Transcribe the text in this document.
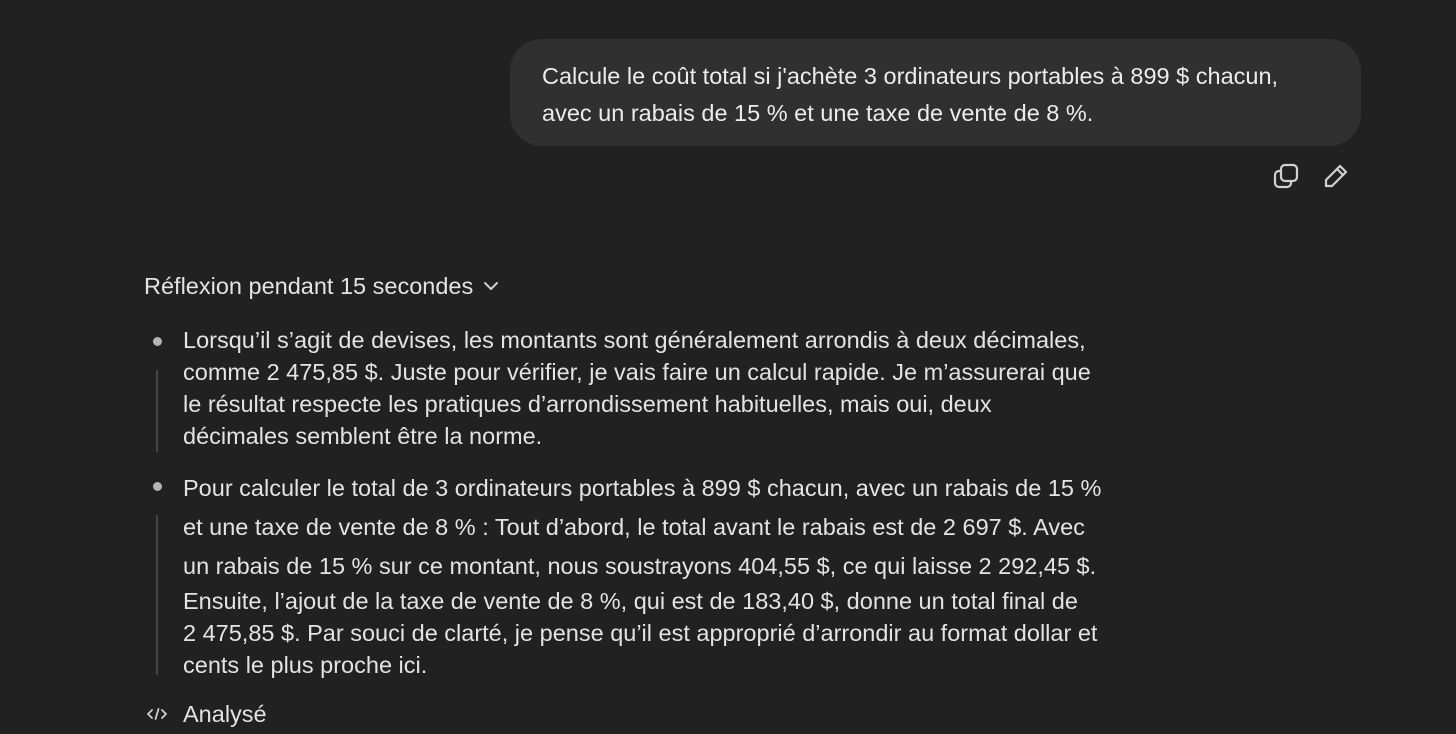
Calcule le coût total si j'achète 3 ordinateurs portables à 899 $ chacun,
avec un rabais de 15 % et une taxe de vente de 8 %.
Réflexion pendant 15 secondes
Lorsqu’il s’agit de devises, les montants sont généralement arrondis à deux décimales,
comme 2 475,85 $. Juste pour vérifier, je vais faire un calcul rapide. Je m’assurerai que
le résultat respecte les pratiques d’arrondissement habituelles, mais oui, deux
décimales semblent être la norme.
Pour calculer le total de 3 ordinateurs portables à 899 $ chacun, avec un rabais de 15 %
et une taxe de vente de 8 % : Tout d’abord, le total avant le rabais est de 2 697 $. Avec
un rabais de 15 % sur ce montant, nous soustrayons 404,55 $, ce qui laisse 2 292,45 $.
Ensuite, l’ajout de la taxe de vente de 8 %, qui est de 183,40 $, donne un total final de
2 475,85 $. Par souci de clarté, je pense qu’il est approprié d’arrondir au format dollar et
cents le plus proche ici.
Analysé
